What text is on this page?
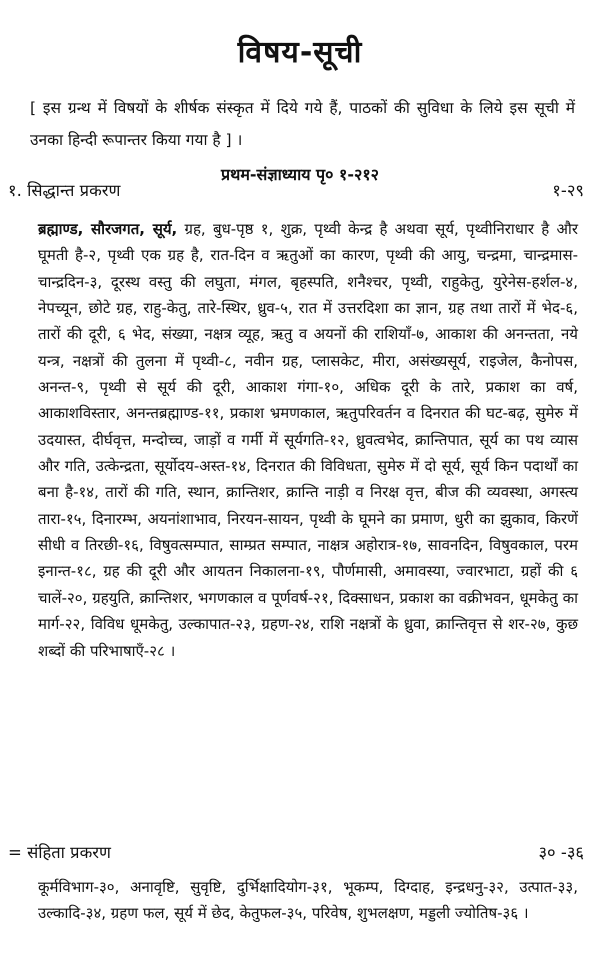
विषय-सूची
[ इस ग्रन्थ में विषयों के शीर्षक संस्कृत में दिये गये हैं, पाठकों की सुविधा के लिये इस सूची में उनका हिन्दी रूपान्तर किया गया है ] ।
प्रथम-संज्ञाध्याय पृ० १-२१२
१. सिद्धान्त प्रकरण	१-२९

ब्रह्माण्ड, सौरजगत, सूर्य, ग्रह, बुध-पृष्ठ १, शुक्र, पृथ्वी केन्द्र है अथवा सूर्य, पृथ्वीनिराधार है और घूमती है-२, पृथ्वी एक ग्रह है, रात-दिन व ऋतुओं का कारण, पृथ्वी की आयु, चन्द्रमा, चान्द्रमास-चान्द्रदिन-३, दूरस्थ वस्तु की लघुता, मंगल, बृहस्पति, शनैश्चर, पृथ्वी, राहुकेतु, युरेनेस-हर्शल-४, नेपच्यून, छोटे ग्रह, राहु-केतु, तारे-स्थिर, ध्रुव-५, रात में उत्तरदिशा का ज्ञान, ग्रह तथा तारों में भेद-६, तारों की दूरी, ६ भेद, संख्या, नक्षत्र व्यूह, ऋतु व अयनों की राशियाँ-७, आकाश की अनन्तता, नये यन्त्र, नक्षत्रों की तुलना में पृथ्वी-८, नवीन ग्रह, प्लासकेट, मीरा, असंख्यसूर्य, राइजेल, कैनोपस, अनन्त-९, पृथ्वी से सूर्य की दूरी, आकाश गंगा-१०, अधिक दूरी के तारे, प्रकाश का वर्ष, आकाशविस्तार, अनन्तब्रह्माण्ड-११, प्रकाश भ्रमणकाल, ऋतुपरिवर्तन व दिनरात की घट-बढ़, सुमेरु में उदयास्त, दीर्घवृत्त, मन्दोच्च, जाड़ों व गर्मी में सूर्यगति-१२, ध्रुवत्वभेद, क्रान्तिपात, सूर्य का पथ व्यास और गति, उत्केन्द्रता, सूर्योदय-अस्त-१४, दिनरात की विविधता, सुमेरु में दो सूर्य, सूर्य किन पदार्थों का बना है-१४, तारों की गति, स्थान, क्रान्तिशर, क्रान्ति नाड़ी व निरक्ष वृत्त, बीज की व्यवस्था, अगस्त्य तारा-१५, दिनारम्भ, अयनांशाभाव, निरयन-सायन, पृथ्वी के घूमने का प्रमाण, धुरी का झुकाव, किरणें सीधी व तिरछी-१६, विषुवत्सम्पात, साम्प्रत सम्पात, नाक्षत्र अहोरात्र-१७, सावनदिन, विषुवकाल, परम इनान्त-१८, ग्रह की दूरी और आयतन निकालना-१९, पौर्णमासी, अमावस्या, ज्वारभाटा, ग्रहों की ६ चालें-२०, ग्रहयुति, क्रान्तिशर, भगणकाल व पूर्णवर्ष-२१, दिक्साधन, प्रकाश का वक्रीभवन, धूमकेतु का मार्ग-२२, विविध धूमकेतु, उल्कापात-२३, ग्रहण-२४, राशि नक्षत्रों के ध्रुवा, क्रान्तिवृत्त से शर-२७, कुछ शब्दों की परिभाषाएँ-२८ ।

= संहिता प्रकरण	३० -३६

कूर्मविभाग-३०, अनावृष्टि, सुवृष्टि, दुर्भिक्षादियोग-३१, भूकम्प, दिग्दाह, इन्द्रधनु-३२, उत्पात-३३, उल्कादि-३४, ग्रहण फल, सूर्य में छेद, केतुफल-३५, परिवेष, शुभलक्षण, मड्डली ज्योतिष-३६ ।
